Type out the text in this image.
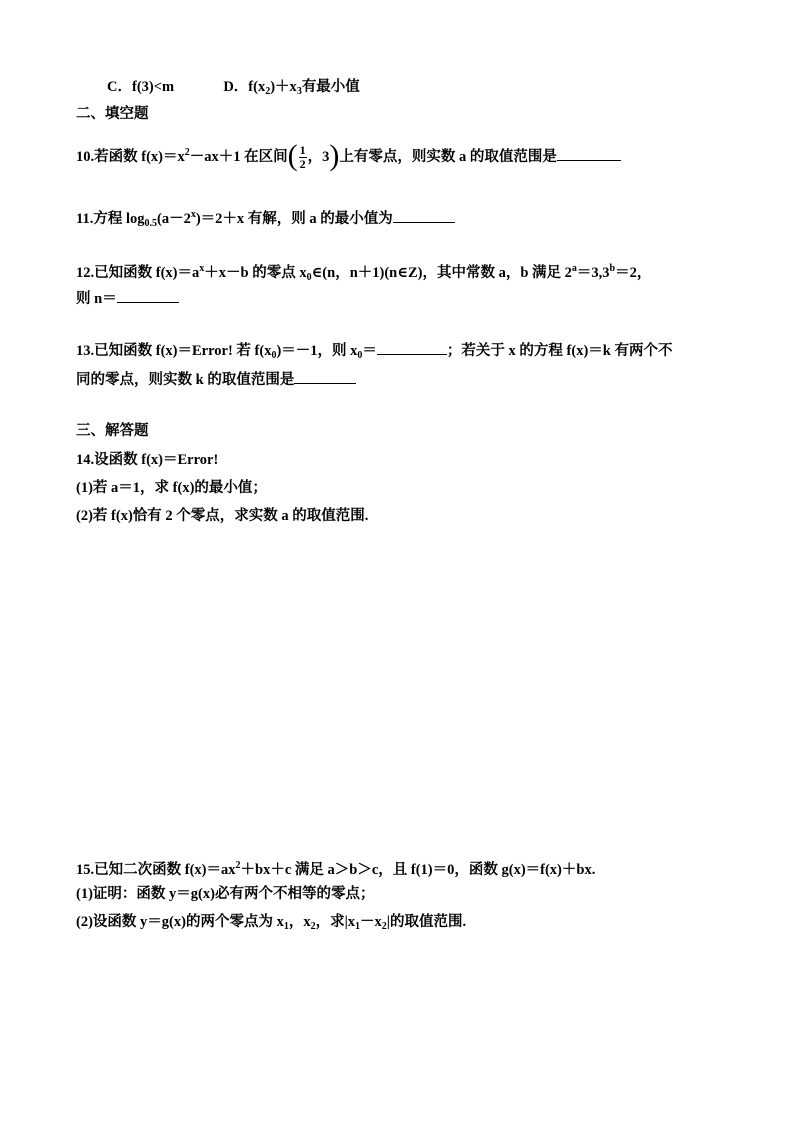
C．f(3)<m	D．$f(x_2)+x_3$有最小值
二、填空题
10.若函数 $f(x)=x^2-ax+1$ 在区间( $\frac{1}{2}$ ，3)上有零点，则实数 a 的取值范围是
11.方程 $\log_{0.5}(a-2^x)=2+x$ 有解，则 a 的最小值为
12.已知函数 $f(x)=a^x+x-b$ 的零点 $x_0\in(n$，n＋1)(n∈Z)，其中常数 a，b 满足 $2^a=3,3^b=2$，
则 n＝
13.已知函数 f(x)＝Error! 若 $f(x_0)=-1$，则 $x_0=$	；若关于 x 的方程 f(x)＝k 有两个不
同的零点，则实数 k 的取值范围是
三、解答题
14.设函数 f(x)＝Error!
(1)若 a＝1，求 f(x)的最小值；
(2)若 f(x)恰有 2 个零点，求实数 a 的取值范围.
15.已知二次函数 $f(x)=ax^2+bx+c$ 满足 a＞b＞c，且 f(1)＝0，函数 g(x)＝f(x)＋bx.
(1)证明：函数 y＝g(x)必有两个不相等的零点；
(2)设函数 y＝g(x)的两个零点为 $x_1$，$x_2$，求$|x_1-x_2|$的取值范围.
